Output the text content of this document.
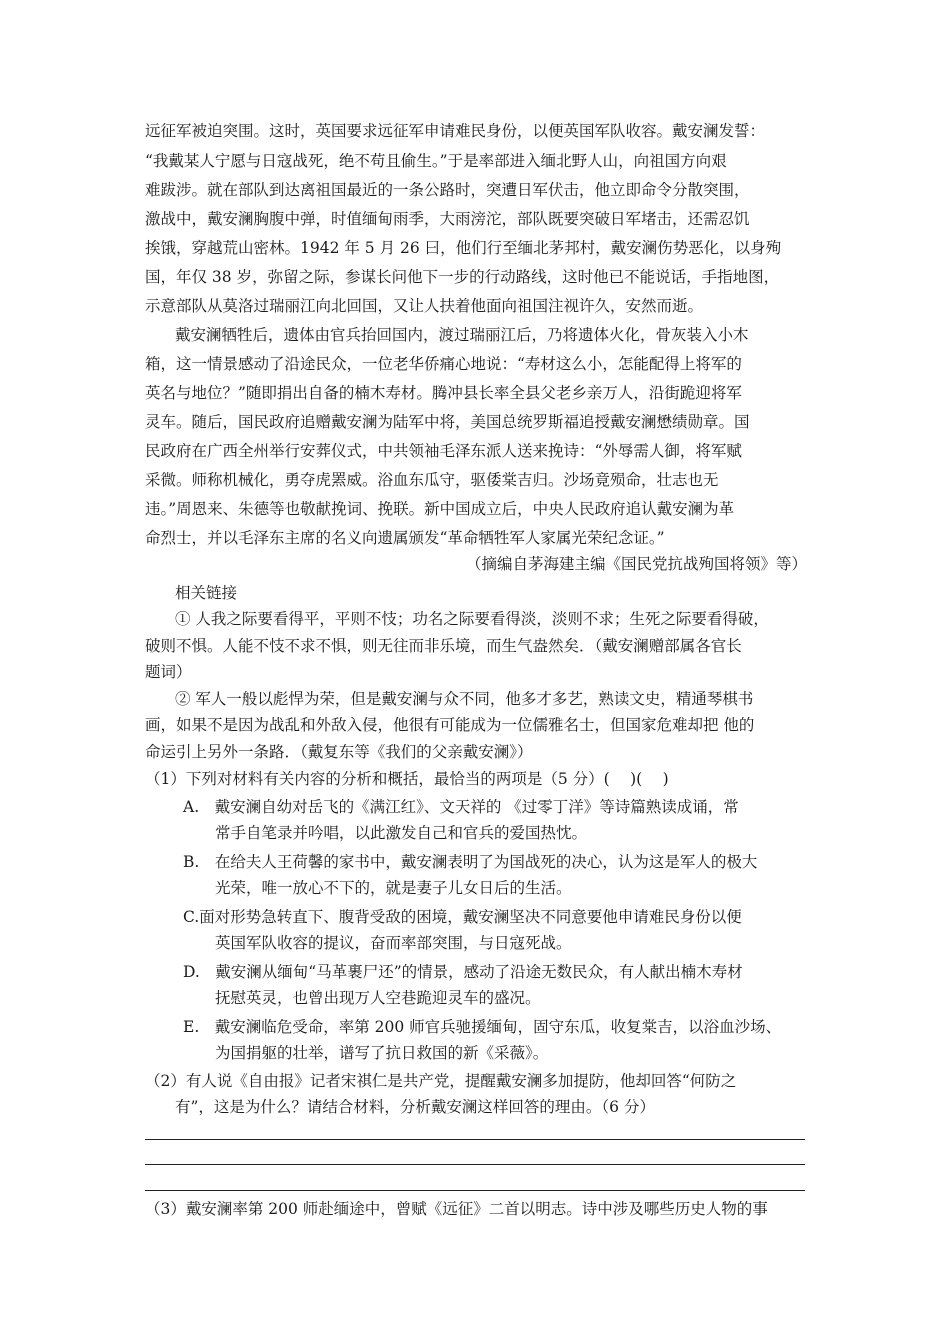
远征军被迫突围。这时，英国要求远征军申请难民身份，以便英国军队收容。戴安澜发誓：
“我戴某人宁愿与日寇战死，绝不苟且偷生。”于是率部进入缅北野人山，向祖国方向艰
难跋涉。就在部队到达离祖国最近的一条公路时，突遭日军伏击，他立即命令分散突围，
激战中，戴安澜胸腹中弹，时值缅甸雨季，大雨滂沱，部队既要突破日军堵击，还需忍饥
挨饿，穿越荒山密林。1942 年 5 月 26 曰，他们行至缅北茅邦村，戴安澜伤势恶化，以身殉
国，年仅 38 岁，弥留之际，参谋长问他下一步的行动路线，这时他已不能说话，手指地图，
示意部队从莫洛过瑞丽江向北回国，又让人扶着他面向祖国注视许久，安然而逝。
戴安澜牺牲后，遗体由官兵抬回国内，渡过瑞丽江后，乃将遗体火化，骨灰装入小木
箱，这一情景感动了沿途民众，一位老华侨痛心地说：“寿材这么小，怎能配得上将军的
英名与地位？”随即捐出自备的楠木寿材。腾冲县长率全县父老乡亲万人，沿街跪迎将军
灵车。随后，国民政府追赠戴安澜为陆军中将，美国总统罗斯福追授戴安澜懋绩勋章。国
民政府在广西全州举行安葬仪式，中共领袖毛泽东派人送来挽诗：“外辱需人御，将军赋
采微。师称机械化，勇夺虎罴威。浴血东瓜守，驱倭棠吉归。沙场竟殒命，壮志也无
违。”周恩来、朱德等也敬献挽词、挽联。新中国成立后，中央人民政府追认戴安澜为革
命烈士，并以毛泽东主席的名义向遗属颁发“革命牺牲军人家属光荣纪念证。”
（摘编自茅海建主编《国民党抗战殉国将领》等）
相关链接
① 人我之际要看得平，平则不忮；功名之际要看得淡，淡则不求；生死之际要看得破，
破则不惧。人能不忮不求不惧，则无往而非乐境，而生气盎然矣．（戴安澜赠部属各官长
题词）
② 军人一般以彪悍为荣，但是戴安澜与众不同，他多才多艺，熟读文史，精通琴棋书
画，如果不是因为战乱和外敌入侵，他很有可能成为一位儒雅名士，但国家危难却把 他的
命运引上另外一条路．（戴复东等《我们的父亲戴安澜》）
（1）下列对材料有关内容的分析和概括，最恰当的两项是（5 分）(　 )(　 )
A.　戴安澜自幼对岳飞的《满江红》、文天祥的 《过零丁洋》等诗篇熟读成诵，常
常手自笔录并吟唱，以此激发自己和官兵的爱国热忱。
B.　在给夫人王荷馨的家书中，戴安澜表明了为国战死的决心，认为这是军人的极大
光荣，唯一放心不下的，就是妻子儿女日后的生活。
C.面对形势急转直下、腹背受敌的困境，戴安澜坚决不同意要他申请难民身份以便
英国军队收容的提议，奋而率部突围，与日寇死战。
D.　戴安澜从缅甸“马革裹尸还”的情景，感动了沿途无数民众，有人献出楠木寿材
抚慰英灵，也曾出现万人空巷跪迎灵车的盛况。
E.　戴安澜临危受命，率第 200 师官兵驰援缅甸，固守东瓜，收复棠吉，以浴血沙场、
为国捐躯的壮举，谱写了抗日救国的新《采薇》。
（2）有人说《自由报》记者宋祺仁是共产党，提醒戴安澜多加提防，他却回答“何防之
有”，这是为什么？请结合材料，分析戴安澜这样回答的理由。（6 分）
（3）戴安澜率第 200 师赴缅途中，曾赋《远征》二首以明志。诗中涉及哪些历史人物的事
